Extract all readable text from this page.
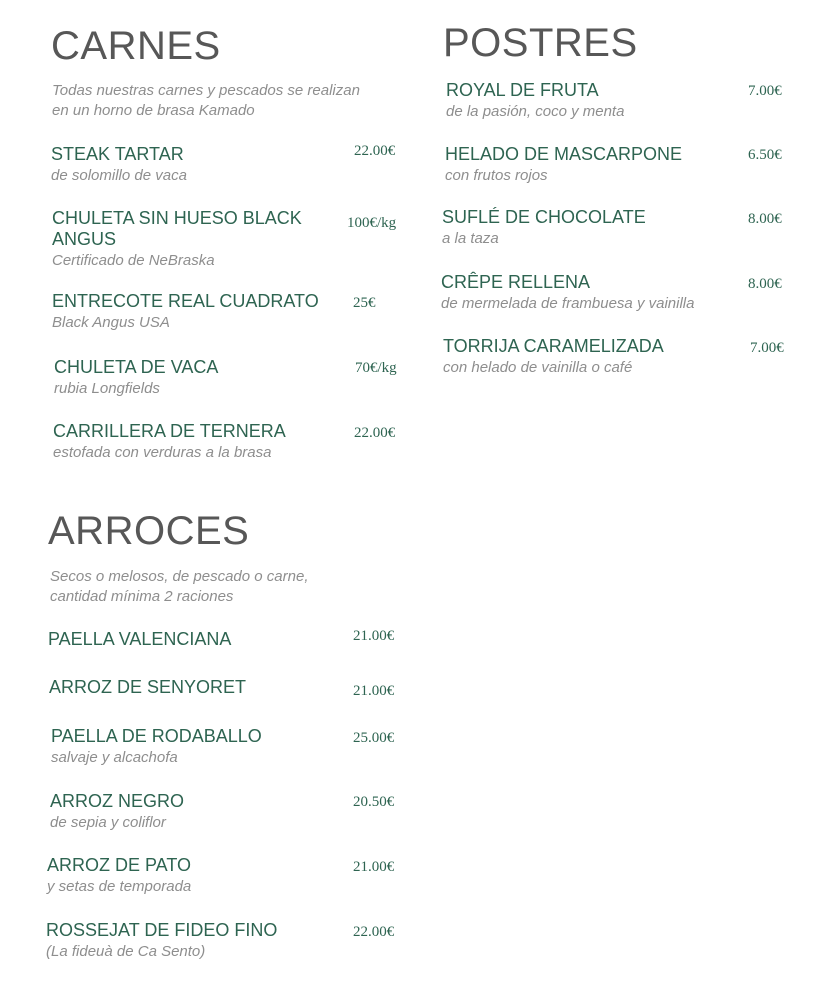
CARNES

Todas nuestras carnes y pescados se realizan
en un horno de brasa Kamado

STEAK TARTAR
de solomillo de vaca
22.00€
CHULETA SIN HUESO BLACK ANGUS
Certificado de NeBraska
100€/kg
ENTRECOTE REAL CUADRATO
Black Angus USA
25€
CHULETA DE VACA
rubia Longfields
70€/kg
CARRILLERA DE TERNERA
estofada con verduras a la brasa
22.00€
ARROCES

Secos o melosos, de pescado o carne,
cantidad mínima 2 raciones

PAELLA VALENCIANA	21.00€
ARROZ DE SENYORET	21.00€
PAELLA DE RODABALLO
salvaje y alcachofa
25.00€
ARROZ NEGRO
de sepia y coliflor
20.50€
ARROZ DE PATO
y setas de temporada
21.00€
ROSSEJAT DE FIDEO FINO
(La fideuà de Ca Sento)
22.00€
POSTRES
ROYAL DE FRUTA
de la pasión, coco y menta
7.00€
HELADO DE MASCARPONE
con frutos rojos
6.50€
SUFLÉ DE CHOCOLATE
a la taza
8.00€
CRÊPE RELLENA
de mermelada de frambuesa y vainilla
8.00€
TORRIJA CARAMELIZADA
con helado de vainilla o café
7.00€
